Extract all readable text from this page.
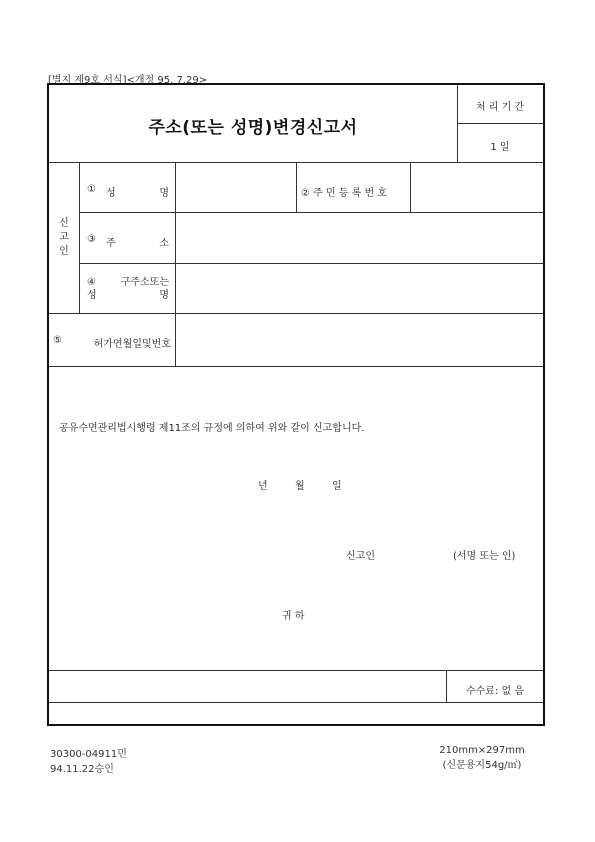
[별지 제9호 서식]<개정 95. 7.29>
주소(또는 성명)변경신고서
처 리 기 간
1 일
신
고
인
① 성	명	② 주 민 등 록 번 호
③ 주	소
④ 구주소또는
성	명
⑤	허가연월일및번호
공유수면관리법시행령 제11조의 규정에 의하여 위와 같이 신고합니다.
년	월	일
신고인	(서명 또는 인)
귀 하
수수료: 없 음
30300-04911민
94.11.22승인
210mm×297mm
(신문용지54g/㎡)
